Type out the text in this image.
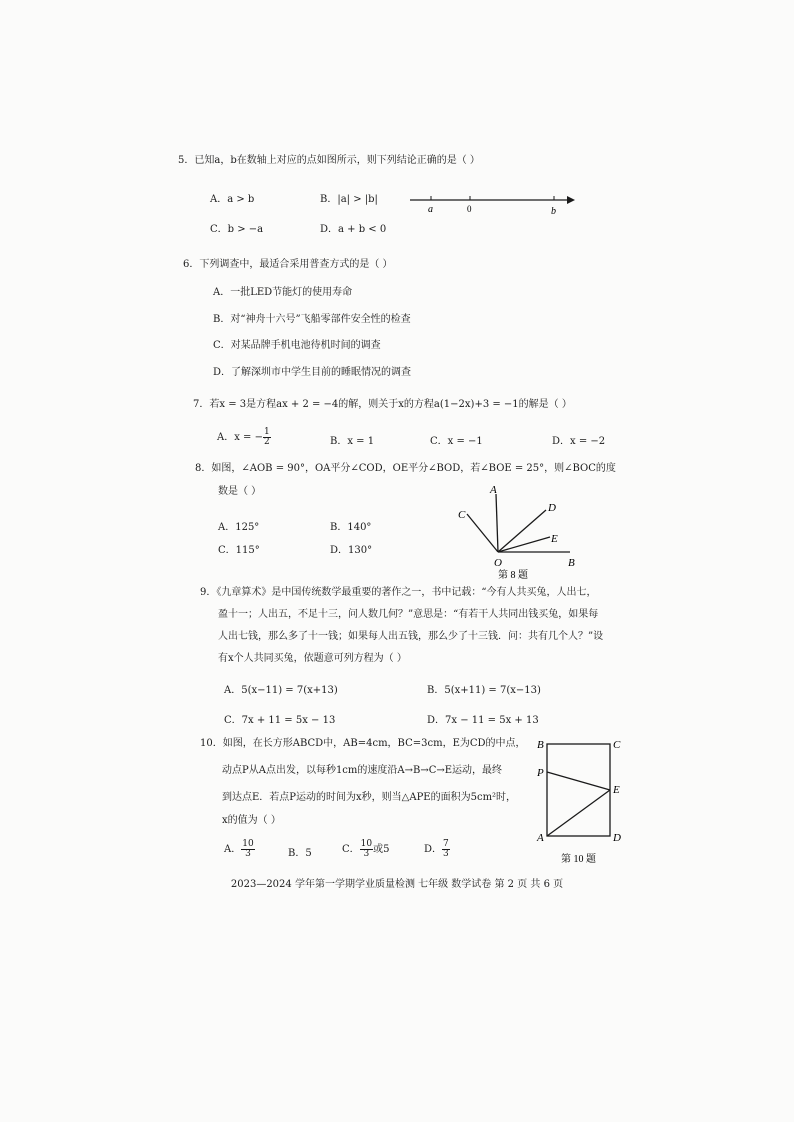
5．已知a，b在数轴上对应的点如图所示，则下列结论正确的是（ ）
A．a > b	B．|a| > |b|
C．b > −a	D．a + b < 0
a	0	b
6．下列调查中，最适合采用普查方式的是（ ）
A．一批LED节能灯的使用寿命
B．对“神舟十六号”飞船零部件安全性的检查
C．对某品牌手机电池待机时间的调查
D．了解深圳市中学生目前的睡眠情况的调查
7．若x = 3是方程ax + 2 = −4的解，则关于x的方程a(1−2x)+3 = −1的解是（ ）
A．x = − $\frac{1}{2}$	B．x = 1	C．x = −1	D．x = −2
8．如图，∠AOB = 90°，OA平分∠COD，OE平分∠BOD，若∠BOE = 25°，则∠BOC的度
数是（ ）
A．125°	B．140°
C．115°	D．130°
A
C
D
E
O	B
第 8 题
9．《九章算术》是中国传统数学最重要的著作之一，书中记载：“今有人共买兔，人出七，
盈十一；人出五，不足十三，问人数几何？”意思是：“有若干人共同出钱买兔，如果每
人出七钱，那么多了十一钱；如果每人出五钱，那么少了十三钱．问：共有几个人？”设
有x个人共同买兔，依题意可列方程为（ ）
A．5(x−11) = 7(x+13)	B．5(x+11) = 7(x−13)
C．7x + 11 = 5x − 13	D．7x − 11 = 5x + 13
10．如图，在长方形ABCD中，AB=4cm，BC=3cm，E为CD的中点，
动点P从A点出发，以每秒1cm的速度沿A→B→C→E运动，最终
到达点E．若点P运动的时间为x秒，则当△APE的面积为5cm²时，
x的值为（ ）
A． $\frac{10}{3}$	B．5	C． $\frac{10}{3}$ 或5	D． $\frac{7}{3}$
B	C
P
E
A	D
第 10 题
2023—2024 学年第一学期学业质量检测 七年级 数学试卷 第 2 页 共 6 页
